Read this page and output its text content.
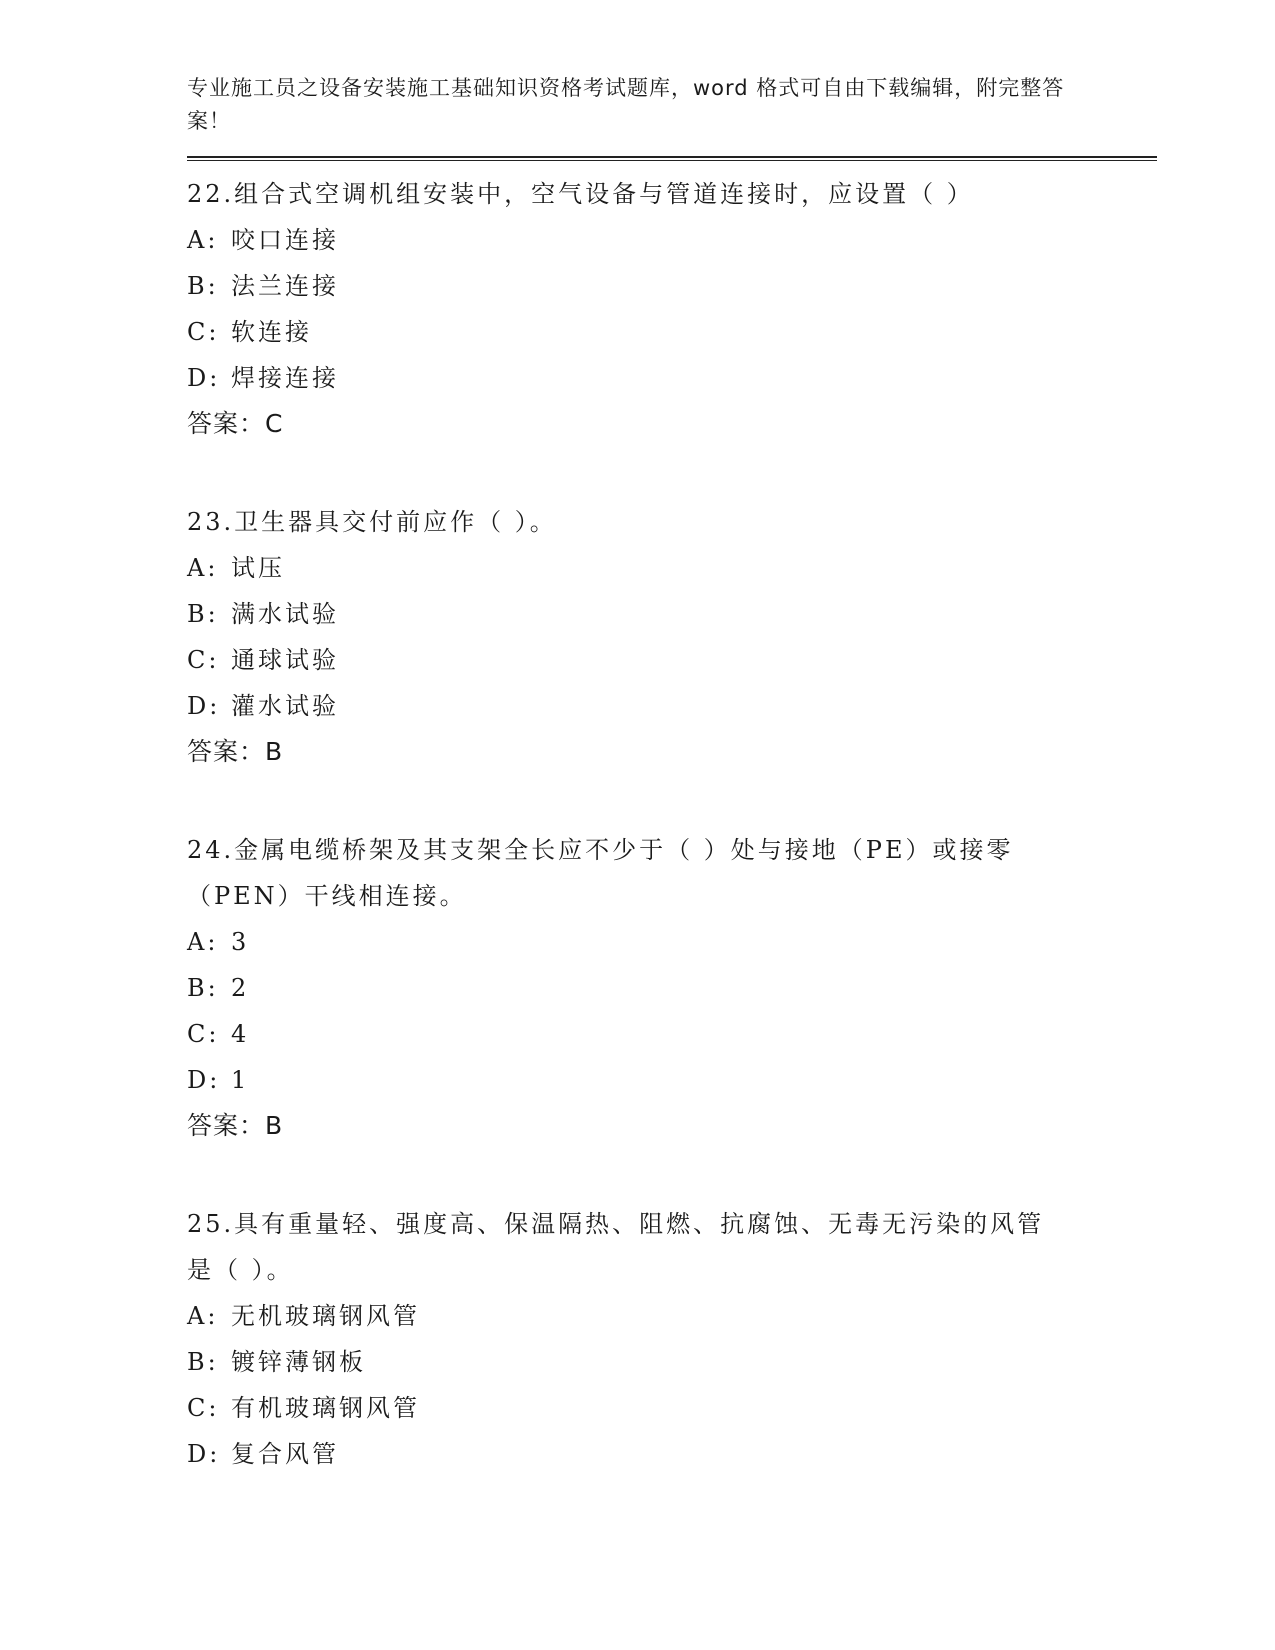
专业施工员之设备安装施工基础知识资格考试题库，word 格式可自由下载编辑，附完整答案！
22.组合式空调机组安装中，空气设备与管道连接时，应设置（ ）
A: 咬口连接
B: 法兰连接
C: 软连接
D: 焊接连接
答案： C
23.卫生器具交付前应作（ ）。
A: 试压
B: 满水试验
C: 通球试验
D: 灌水试验
答案： B
24.金属电缆桥架及其支架全长应不少于（ ）处与接地（PE）或接零（PEN）干线相连接。
A: 3
B: 2
C: 4
D: 1
答案： B
25.具有重量轻、强度高、保温隔热、阻燃、抗腐蚀、无毒无污染的风管是（ ）。
A: 无机玻璃钢风管
B: 镀锌薄钢板
C: 有机玻璃钢风管
D: 复合风管
